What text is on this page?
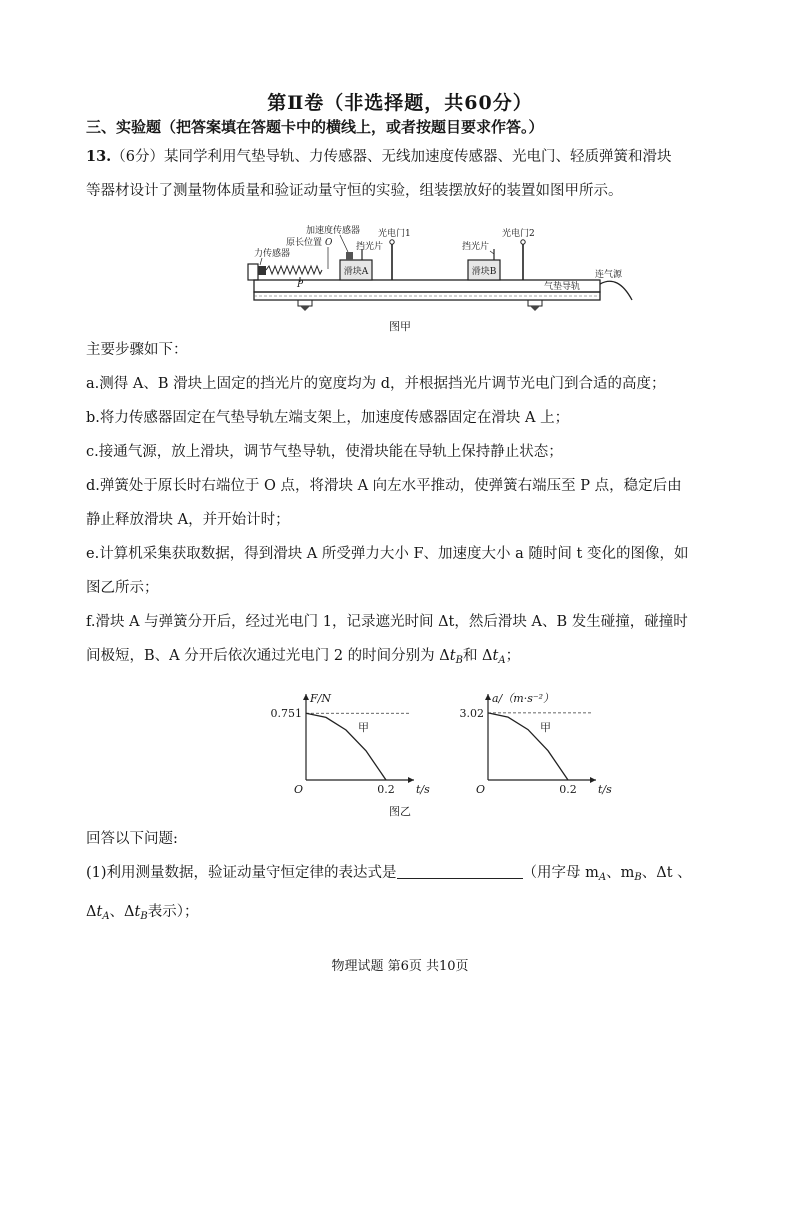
第Ⅱ卷（非选择题，共60分）
三、实验题（把答案填在答题卡中的横线上，或者按题目要求作答。）
13.（6分）某同学利用气垫导轨、力传感器、无线加速度传感器、光电门、轻质弹簧和滑块
等器材设计了测量物体质量和验证动量守恒的实验，组装摆放好的装置如图甲所示。
滑块A	滑块B
P
力传感器
原长位置 O
加速度传感器
挡光片
光电门1
挡光片
光电门2
气垫导轨
连气源
图甲
主要步骤如下：
a.测得 A、B 滑块上固定的挡光片的宽度均为 d，并根据挡光片调节光电门到合适的高度；
b.将力传感器固定在气垫导轨左端支架上，加速度传感器固定在滑块 A 上；
c.接通气源，放上滑块，调节气垫导轨，使滑块能在导轨上保持静止状态；
d.弹簧处于原长时右端位于 O 点，将滑块 A 向左水平推动，使弹簧右端压至 P 点，稳定后由
静止释放滑块 A，并开始计时；
e.计算机采集获取数据，得到滑块 A 所受弹力大小 F、加速度大小 a 随时间 t 变化的图像，如
图乙所示；
f.滑块 A 与弹簧分开后，经过光电门 1，记录遮光时间 Δt，然后滑块 A、B 发生碰撞，碰撞时
间极短，B、A 分开后依次通过光电门 2 的时间分别为 $\Delta t_B$和 $\Delta t_A$；
0.751
0.2 t/s
F/N
O
甲
3.02
0.2 t/s
a/（m·s⁻²）
O
甲
图乙
回答以下问题:
(1)利用测量数据，验证动量守恒定律的表达式是	（用字母 $m_A$、$m_B$、Δt 、
$\Delta t_A$、$\Delta t_B$表示）；
物理试题 第6页 共10页
